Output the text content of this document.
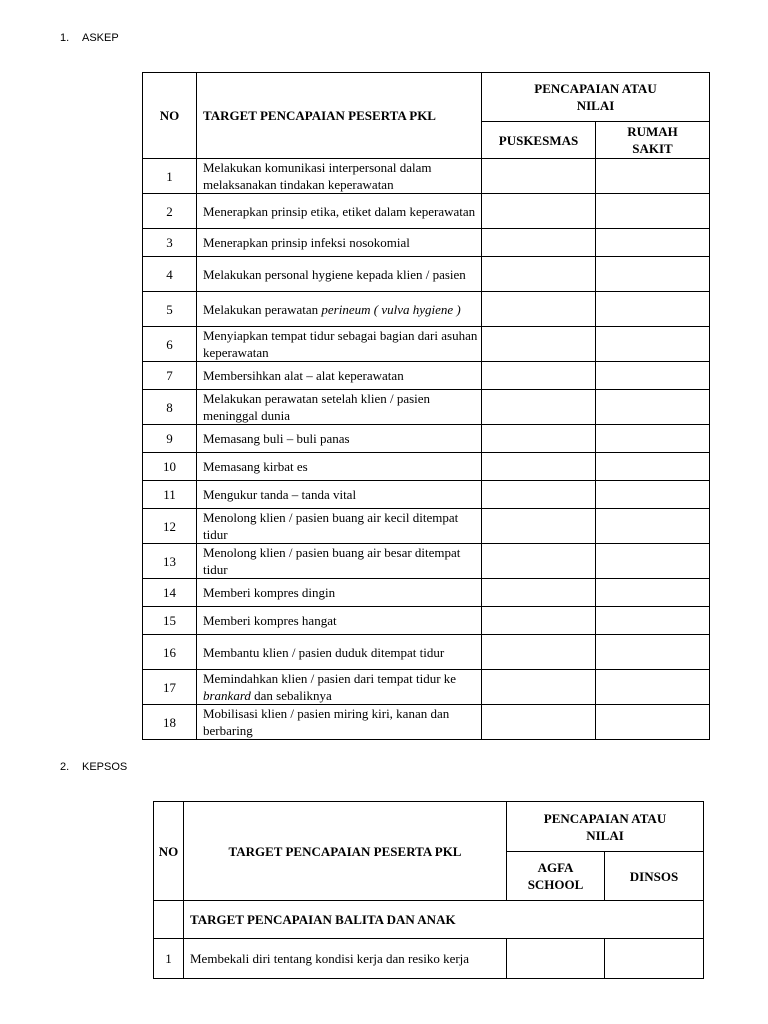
1. ASKEP
NO	TARGET PENCAPAIAN PESERTA PKL	PENCAPAIAN ATAU NILAI	
		PUSKESMAS	RUMAH SAKIT
1	Melakukan komunikasi interpersonal dalam melaksanakan tindakan keperawatan		
2	Menerapkan prinsip etika, etiket dalam keperawatan		
3	Menerapkan prinsip infeksi nosokomial		
4	Melakukan personal hygiene kepada klien / pasien		
5	Melakukan perawatan perineum ( vulva hygiene )		
6	Menyiapkan tempat tidur sebagai bagian dari asuhan keperawatan		
7	Membersihkan alat – alat keperawatan		
8	Melakukan perawatan setelah klien / pasien meninggal dunia		
9	Memasang buli – buli panas		
10	Memasang kirbat es		
11	Mengukur tanda – tanda vital		
12	Menolong klien / pasien buang air kecil ditempat tidur		
13	Menolong klien / pasien buang air besar ditempat tidur		
14	Memberi kompres dingin		
15	Memberi kompres hangat		
16	Membantu klien / pasien duduk ditempat tidur		
17	Memindahkan klien / pasien dari tempat tidur ke brankard dan sebaliknya		
18	Mobilisasi klien / pasien miring kiri, kanan dan berbaring		
2. KEPSOS
NO	TARGET PENCAPAIAN PESERTA PKL	PENCAPAIAN ATAU NILAI	
		AGFA SCHOOL	DINSOS
	TARGET PENCAPAIAN BALITA DAN ANAK		
1	Membekali diri tentang kondisi kerja dan resiko kerja		
